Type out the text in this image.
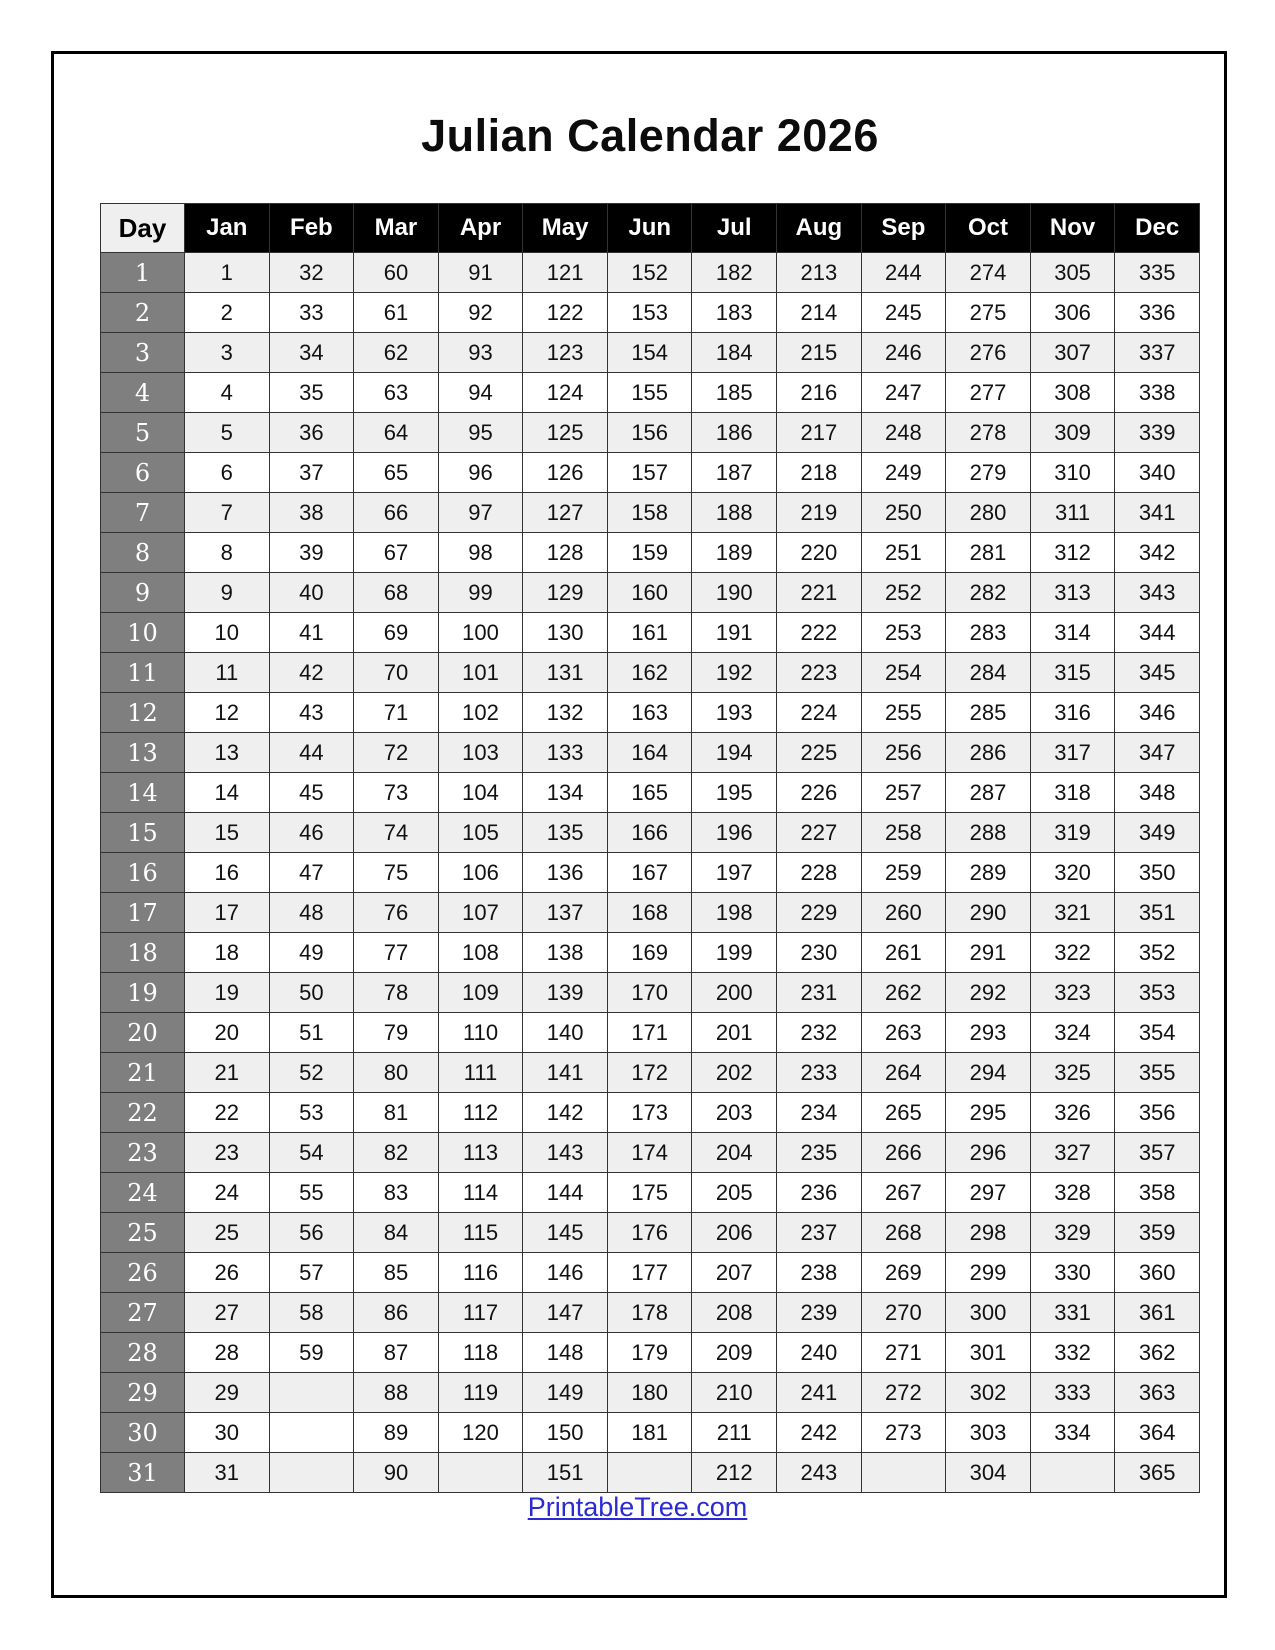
Julian Calendar 2026
Day	Jan	Feb	Mar	Apr	May	Jun	Jul	Aug	Sep	Oct	Nov	Dec
1	1	32	60	91	121	152	182	213	244	274	305	335
2	2	33	61	92	122	153	183	214	245	275	306	336
3	3	34	62	93	123	154	184	215	246	276	307	337
4	4	35	63	94	124	155	185	216	247	277	308	338
5	5	36	64	95	125	156	186	217	248	278	309	339
6	6	37	65	96	126	157	187	218	249	279	310	340
7	7	38	66	97	127	158	188	219	250	280	311	341
8	8	39	67	98	128	159	189	220	251	281	312	342
9	9	40	68	99	129	160	190	221	252	282	313	343
10	10	41	69	100	130	161	191	222	253	283	314	344
11	11	42	70	101	131	162	192	223	254	284	315	345
12	12	43	71	102	132	163	193	224	255	285	316	346
13	13	44	72	103	133	164	194	225	256	286	317	347
14	14	45	73	104	134	165	195	226	257	287	318	348
15	15	46	74	105	135	166	196	227	258	288	319	349
16	16	47	75	106	136	167	197	228	259	289	320	350
17	17	48	76	107	137	168	198	229	260	290	321	351
18	18	49	77	108	138	169	199	230	261	291	322	352
19	19	50	78	109	139	170	200	231	262	292	323	353
20	20	51	79	110	140	171	201	232	263	293	324	354
21	21	52	80	111	141	172	202	233	264	294	325	355
22	22	53	81	112	142	173	203	234	265	295	326	356
23	23	54	82	113	143	174	204	235	266	296	327	357
24	24	55	83	114	144	175	205	236	267	297	328	358
25	25	56	84	115	145	176	206	237	268	298	329	359
26	26	57	85	116	146	177	207	238	269	299	330	360
27	27	58	86	117	147	178	208	239	270	300	331	361
28	28	59	87	118	148	179	209	240	271	301	332	362
29	29		88	119	149	180	210	241	272	302	333	363
30	30		89	120	150	181	211	242	273	303	334	364
31	31		90		151		212	243		304		365
PrintableTree.com
